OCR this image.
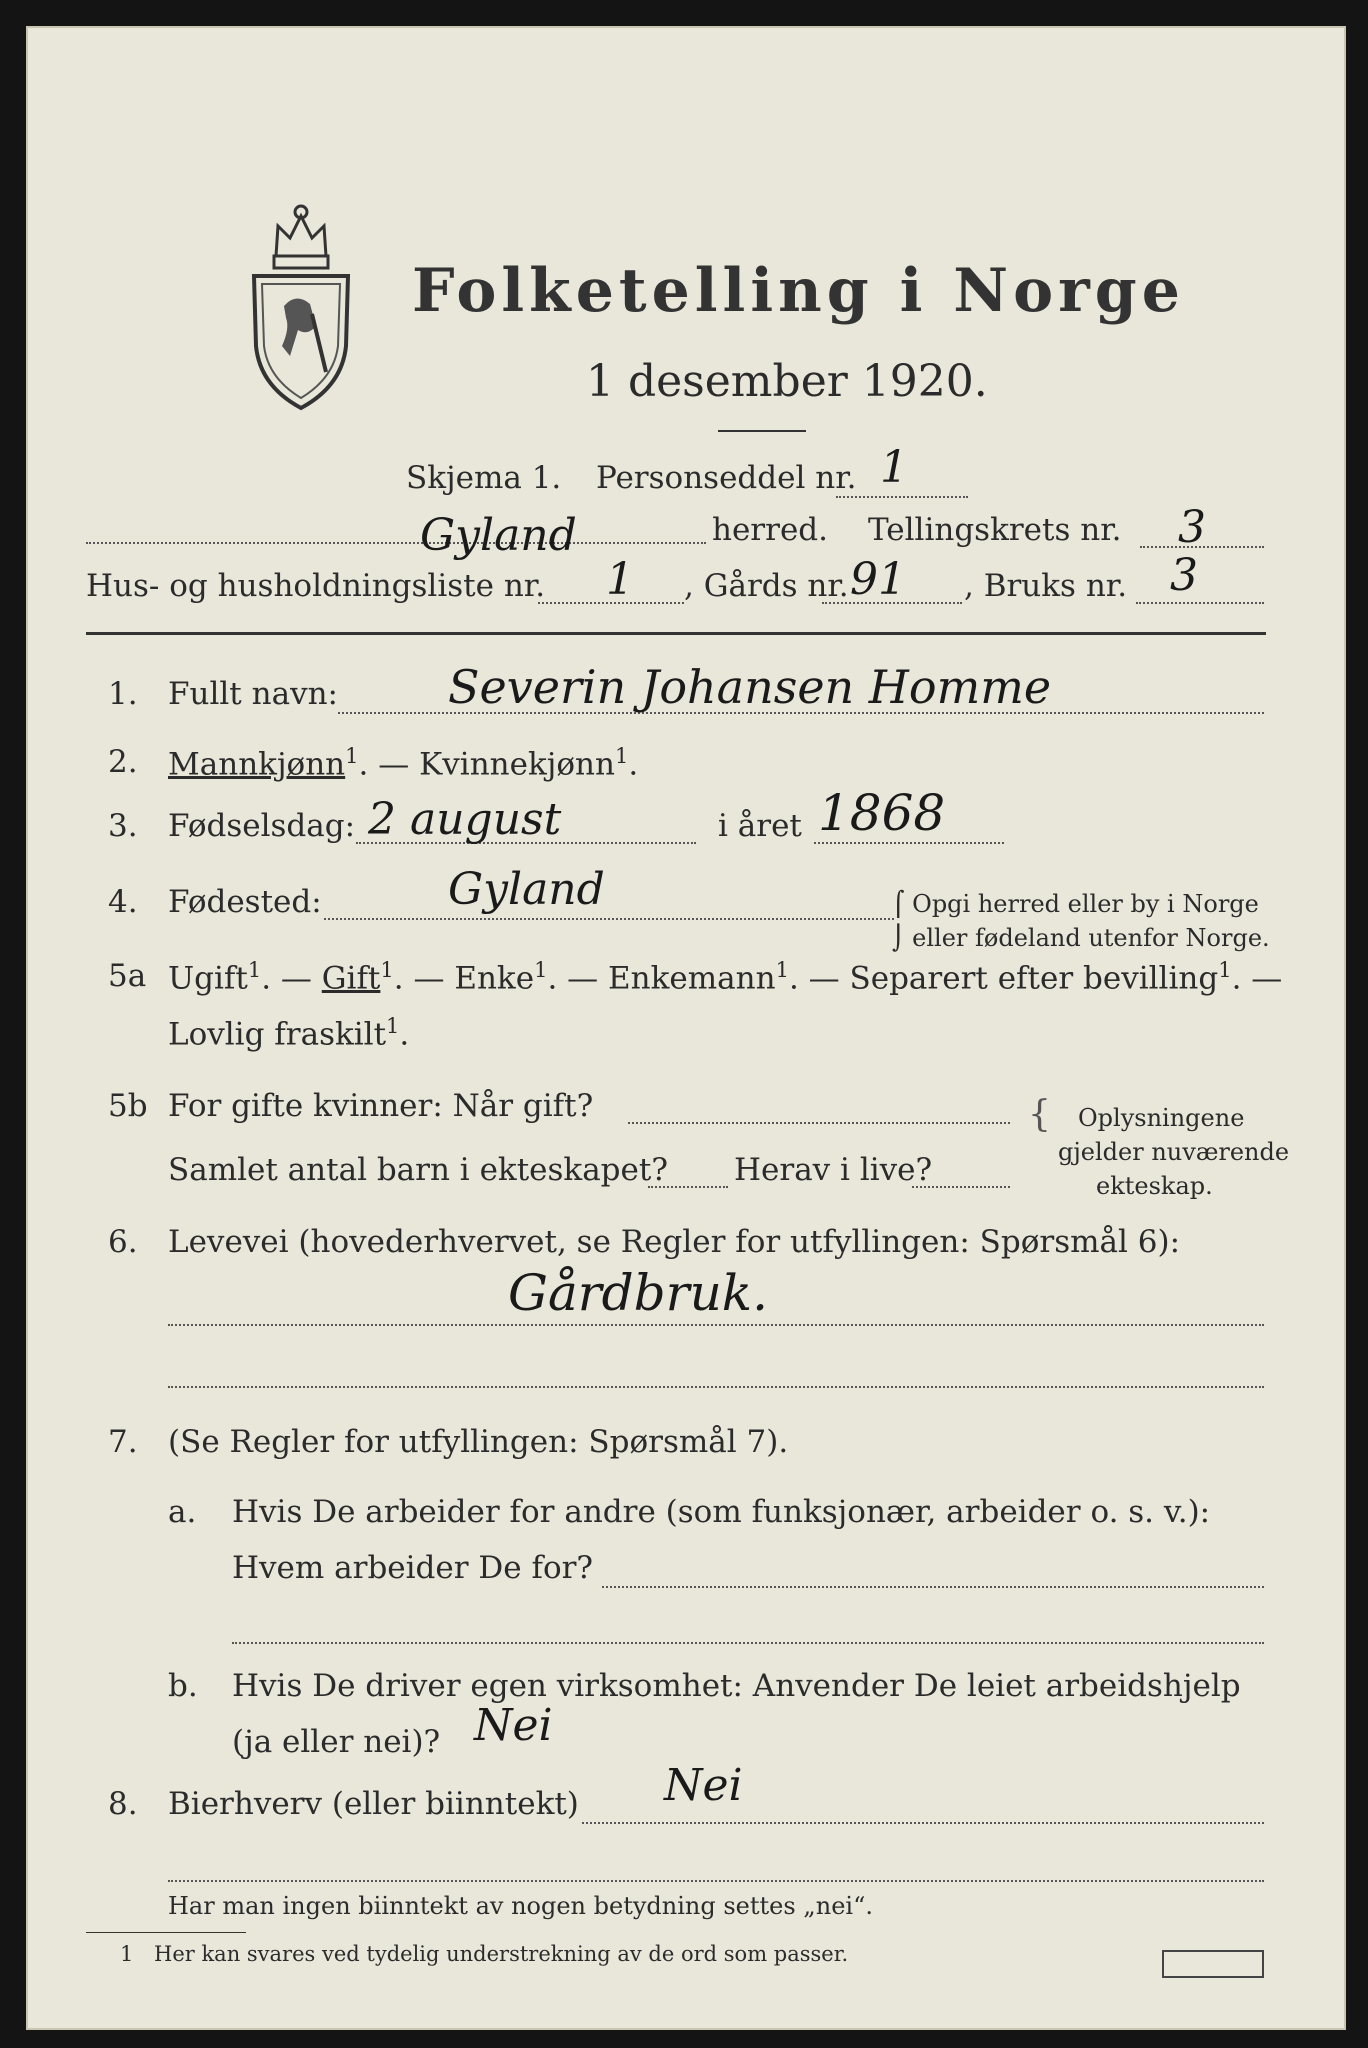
Folketelling i Norge
1 desember 1920.
Skjema 1. Personseddel nr. 1
Gyland	herred. Tellingskrets nr. 3
Hus- og husholdningsliste nr. 1 , Gårds nr. 91 , Bruks nr. 3
1. Fullt navn: Severin Johansen Homme
2. Mannkjønn$^1$. — Kvinnekjønn$^1$.
3. Fødselsdag: 2 august	i året 1868
4. Fødested:	Gyland	⌠ Opgi herred eller by i Norge
⌡ eller fødeland utenfor Norge.
5a Ugift$^1$. — Gift$^1$. — Enke$^1$. — Enkemann$^1$. — Separert efter bevilling$^1$. —
Lovlig fraskilt$^1$.
5b For gifte kvinner: Når gift?
Samlet antal barn i ekteskapet? Herav i live?
{ Oplysningene
gjelder nuværende
ekteskap.
6. Levevei (hovederhvervet, se Regler for utfyllingen: Spørsmål 6):
Gårdbruk.
7. (Se Regler for utfyllingen: Spørsmål 7).
a. Hvis De arbeider for andre (som funksjonær, arbeider o. s. v.):
Hvem arbeider De for?
b. Hvis De driver egen virksomhet: Anvender De leiet arbeidshjelp
(ja eller nei)? Nei
8. Bierhverv (eller biinntekt) Nei
Har man ingen biinntekt av nogen betydning settes „nei“.
1 Her kan svares ved tydelig understrekning av de ord som passer.
